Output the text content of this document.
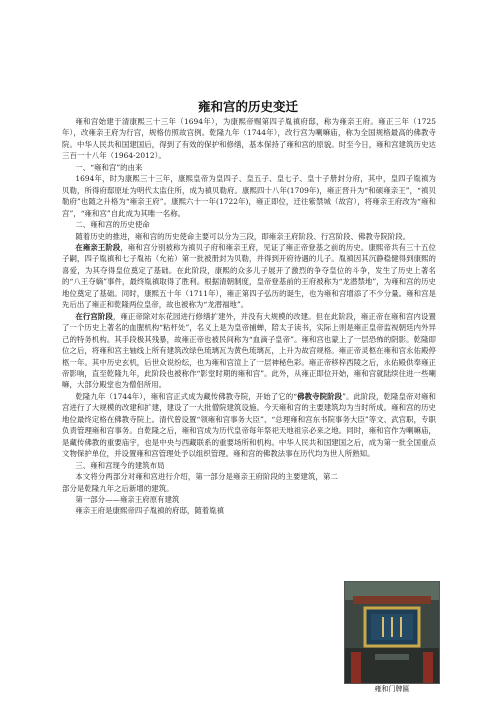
雍和宫的历史变迁

雍和宫始建于清康熙三十三年（1694年），为康熙帝赐第四子胤禛府邸，称为雍亲王府。雍正三年（1725年），改雍亲王府为行宫，规格仿照故宫例。乾隆九年（1744年），改行宫为喇嘛庙，称为全国规格最高的佛教寺院。中华人民共和国建国后，得到了有效的保护和修缮，基本保持了雍和宫的原貌。时至今日，雍和宫建筑历史达三百一十八年（1964-2012）。

一、“雍和宫”的由来

1694年，时为康熙三十三年，康熙皇帝为皇四子、皇五子、皇七子、皇十子册封分府，其中，皇四子胤禛为贝勒，所得府邸原址为明代太监住所，成为禛贝勒府。康熙四十八年(1709年)，雍正晋升为“和硕雍亲王”，“禛贝勒府”也随之升格为“雍亲王府”。康熙六十一年(1722年)，雍正即位，迁往紫禁城（故宫），将雍亲王府改为“雍和宫”，“雍和宫”自此成为其唯一名称。

二、雍和宫的历史使命

随着历史的推进，雍和宫的历史使命主要可以分为三段，即雍亲王府阶段、行宫阶段、佛教寺院阶段。

在雍亲王阶段，雍和宫分别被称为禛贝子府和雍亲王府，见证了雍正帝登基之前的历史。康熙帝共有三十五位子嗣，四子胤禛和七子胤祐（允祐）第一批被册封为贝勒，并得到开府待遇的儿子。胤禛因其沉静稳健得到康熙的喜爱，为其夺得皇位奠定了基础。在此阶段，康熙的众多儿子展开了激烈的争夺皇位的斗争，发生了历史上著名的“八王夺嫡”事件，最终胤禛取得了胜利。根据清朝制度，皇帝登基前的王府被称为“龙潜禁地”，为雍和宫的历史地位奠定了基础。同时，康熙五十年（1711年），雍正第四子弘历的诞生，也为雍和宫增添了不少分量。雍和宫是先后出了雍正和乾隆两位皇帝，故也被称为“龙潜福地”。

在行宫阶段，雍正帝除对东花园进行修缮扩建外，并没有大规模的改建。但在此阶段，雍正帝在雍和宫内设置了一个历史上著名的血腥机构“粘杆处”，名义上是为皇帝捕蝉，陪太子读书，实际上则是雍正皇帝监视朝廷内外异己的特务机构。其手段极其残暴，故雍正帝也被民间称为“血滴子皇帝”。雍和宫也蒙上了一层恐怖的阴影。乾隆即位之后，将雍和宫主轴线上所有建筑改绿色琉璃瓦为黄色琉璃瓦，上升为故宫规格。雍正帝灵柩在雍和宫永佑殿停柩一年。其中历史玄机，后世众说纷纭，也为雍和宫渲上了一层神秘色彩。雍正帝移梓西陵之后，永佑殿供奉雍正帝影响，直至乾隆九年，此阶段也被称作“影堂时期的雍和宫”。此外，从雍正即位开始，雍和宫就陆续住进一些喇嘛，大部分殿堂也为僧侣所用。

乾隆九年（1744年），雍和宫正式成为藏传佛教寺院，开始了它的“佛教寺院阶段”。此阶段，乾隆皇帝对雍和宫进行了大规模的改建和扩建，建设了一大批僧院建筑设施。今天雍和宫的主要建筑均为当时所成。雍和宫的历史地位最终定格在佛教寺院上。清代曾设置“领雍和宫事务大臣”、“总理雍和宫东书院事务大臣”等文、武官职，专职负责管理雍和宫事务。自乾隆之后，雍和宫成为历代皇帝每年祭祀天地祖宗必来之地。同时，雍和宫作为喇嘛庙，是藏传佛教的重要庙宇，也是中央与西藏联系的重要场所和机构。中华人民共和国建国之后，成为第一批全国重点文物保护单位，并设置雍和宫管理处予以组织管理。雍和宫的佛教法事在历代均为世人所熟知。

三、雍和宫现今的建筑布局

本文将分两部分对雍和宫进行介绍，第一部分是雍亲王府阶段的主要建筑，第二部分是乾隆九年之后新增的建筑。

第一部分——雍亲王府原有建筑

雍亲王府是康熙帝四子胤禛的府邸，随着胤禛

雍和门牌匾
